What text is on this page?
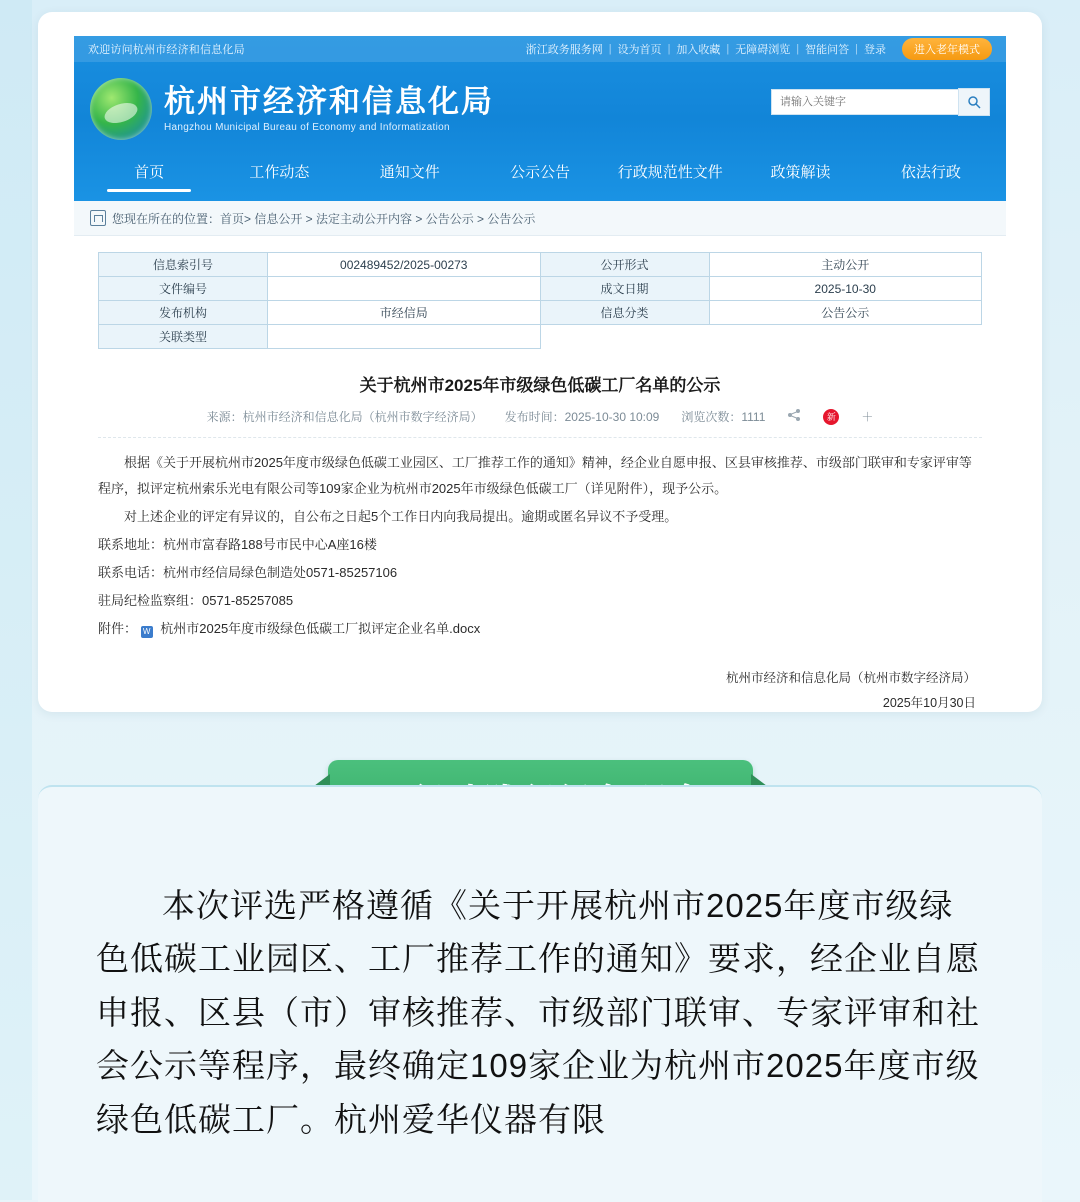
欢迎访问杭州市经济和信息化局	浙江政务服务网 | 设为首页 | 加入收藏 | 无障碍浏览 | 智能问答 | 登录	进入老年模式
杭州市经济和信息化局
Hangzhou Municipal Bureau of Economy and Informatization
请输入关键字
首页	工作动态	通知文件	公示公告	行政规范性文件	政策解读	依法行政
您现在所在的位置：首页> 信息公开 > 法定主动公开内容 > 公告公示 > 公告公示
信息索引号	002489452/2025-00273	公开形式	主动公开
文件编号		成文日期	2025-10-30
发布机构	市经信局	信息分类	公告公示
关联类型			
关于杭州市2025年市级绿色低碳工厂名单的公示
来源：杭州市经济和信息化局（杭州市数字经济局） 发布时间：2025-10-30 10:09 浏览次数：1111	新 ＋

根据《关于开展杭州市2025年度市级绿色低碳工业园区、工厂推荐工作的通知》精神，经企业自愿申报、区县审核推荐、市级部门联审和专家评审等程序，拟评定杭州索乐光电有限公司等109家企业为杭州市2025年市级绿色低碳工厂（详见附件），现予公示。

对上述企业的评定有异议的，自公布之日起5个工作日内向我局提出。逾期或匿名异议不予受理。

联系地址：杭州市富春路188号市民中心A座16楼

联系电话：杭州市经信局绿色制造处0571-85257106

驻局纪检监察组：0571-85257085

附件： W 杭州市2025年度市级绿色低碳工厂拟评定企业名单.docx

杭州市经济和信息化局（杭州市数字经济局）
2025年10月30日
本次评选严格遵循《关于开展杭州市2025年度市级绿色低碳工业园区、工厂推荐工作的通知》要求，经企业自愿申报、区县（市）审核推荐、市级部门联审、专家评审和社会公示等程序，最终确定109家企业为杭州市2025年度市级绿色低碳工厂。杭州爱华仪器有限
